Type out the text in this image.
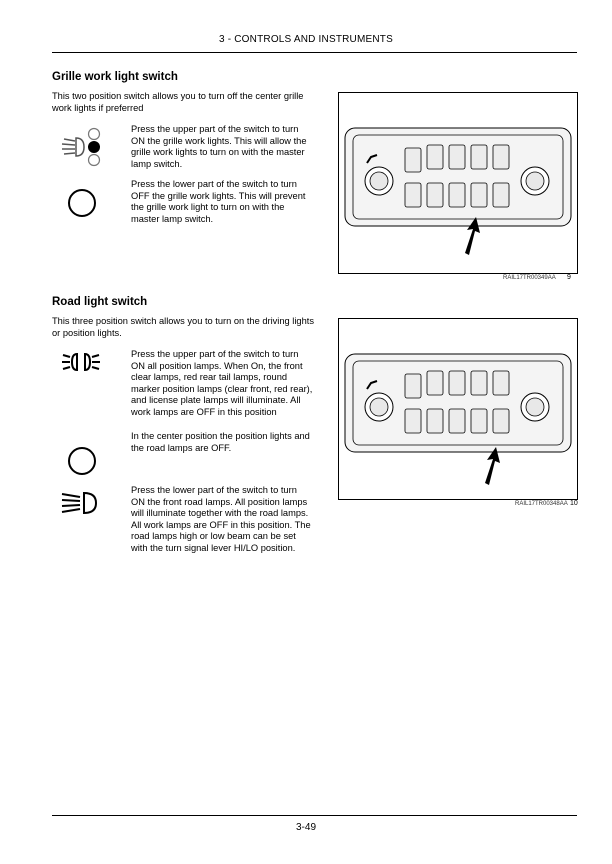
3 - CONTROLS AND INSTRUMENTS
Grille work light switch
This two position switch allows you to turn off the center grille work lights if preferred
Press the upper part of the switch to turn ON the grille work lights. This will allow the grille work lights to turn on with the master lamp switch.
Press the lower part of the switch to turn OFF the grille work lights. This will prevent the grille work light to turn on with the master lamp switch.
RAIL17TR00349AA 9
Road light switch
This three position switch allows you to turn on the driving lights or position lights.
Press the upper part of the switch to turn ON all position lamps. When On, the front clear lamps, red rear tail lamps, round marker position lamps (clear front, red rear), and license plate lamps will illuminate. All work lamps are OFF in this position
In the center position the position lights and the road lamps are OFF.
Press the lower part of the switch to turn ON the front road lamps. All position lamps will illuminate together with the road lamps. All work lamps are OFF in this position. The road lamps high or low beam can be set with the turn signal lever HI/LO position.
RAIL17TR00348AA 10
3-49
